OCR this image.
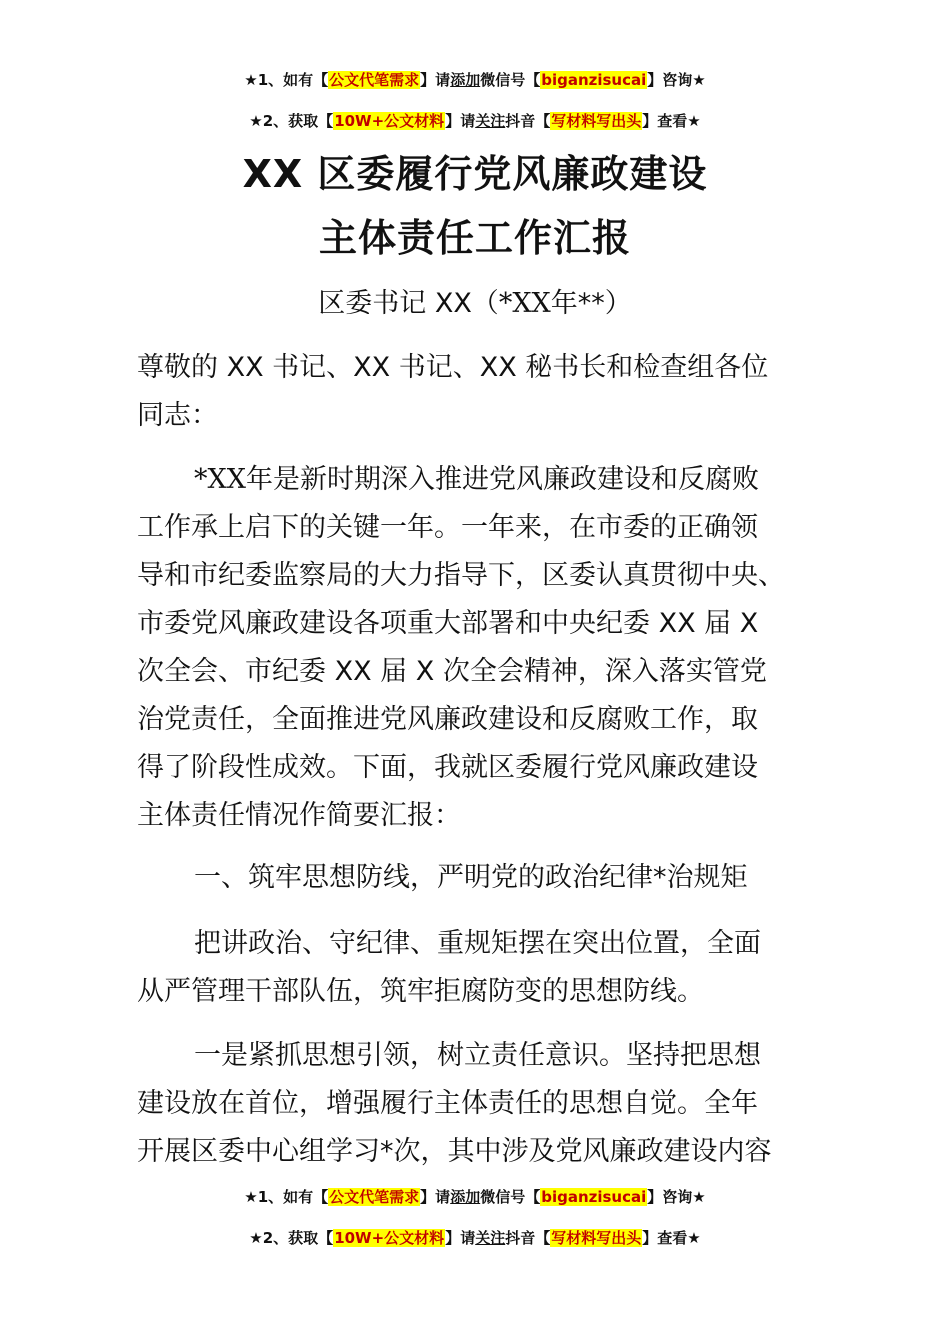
★1、如有【公文代笔需求】请添加微信号【biganzisucai】咨询★
★2、获取【10W+公文材料】请关注抖音【写材料写出头】查看★
XX 区委履行党风廉政建设
主体责任工作汇报
区委书记 XX（*XX年**）
尊敬的 XX 书记、XX 书记、XX 秘书长和检查组各位
同志：
*XX年是新时期深入推进党风廉政建设和反腐败
工作承上启下的关键一年。一年来，在市委的正确领
导和市纪委监察局的大力指导下，区委认真贯彻中央、
市委党风廉政建设各项重大部署和中央纪委 XX 届 X
次全会、市纪委 XX 届 X 次全会精神，深入落实管党
治党责任，全面推进党风廉政建设和反腐败工作，取
得了阶段性成效。下面，我就区委履行党风廉政建设
主体责任情况作简要汇报：
一、筑牢思想防线，严明党的政治纪律*治规矩
把讲政治、守纪律、重规矩摆在突出位置，全面
从严管理干部队伍，筑牢拒腐防变的思想防线。
一是紧抓思想引领，树立责任意识。坚持把思想
建设放在首位，增强履行主体责任的思想自觉。全年
开展区委中心组学习*次，其中涉及党风廉政建设内容
★1、如有【公文代笔需求】请添加微信号【biganzisucai】咨询★
★2、获取【10W+公文材料】请关注抖音【写材料写出头】查看★
